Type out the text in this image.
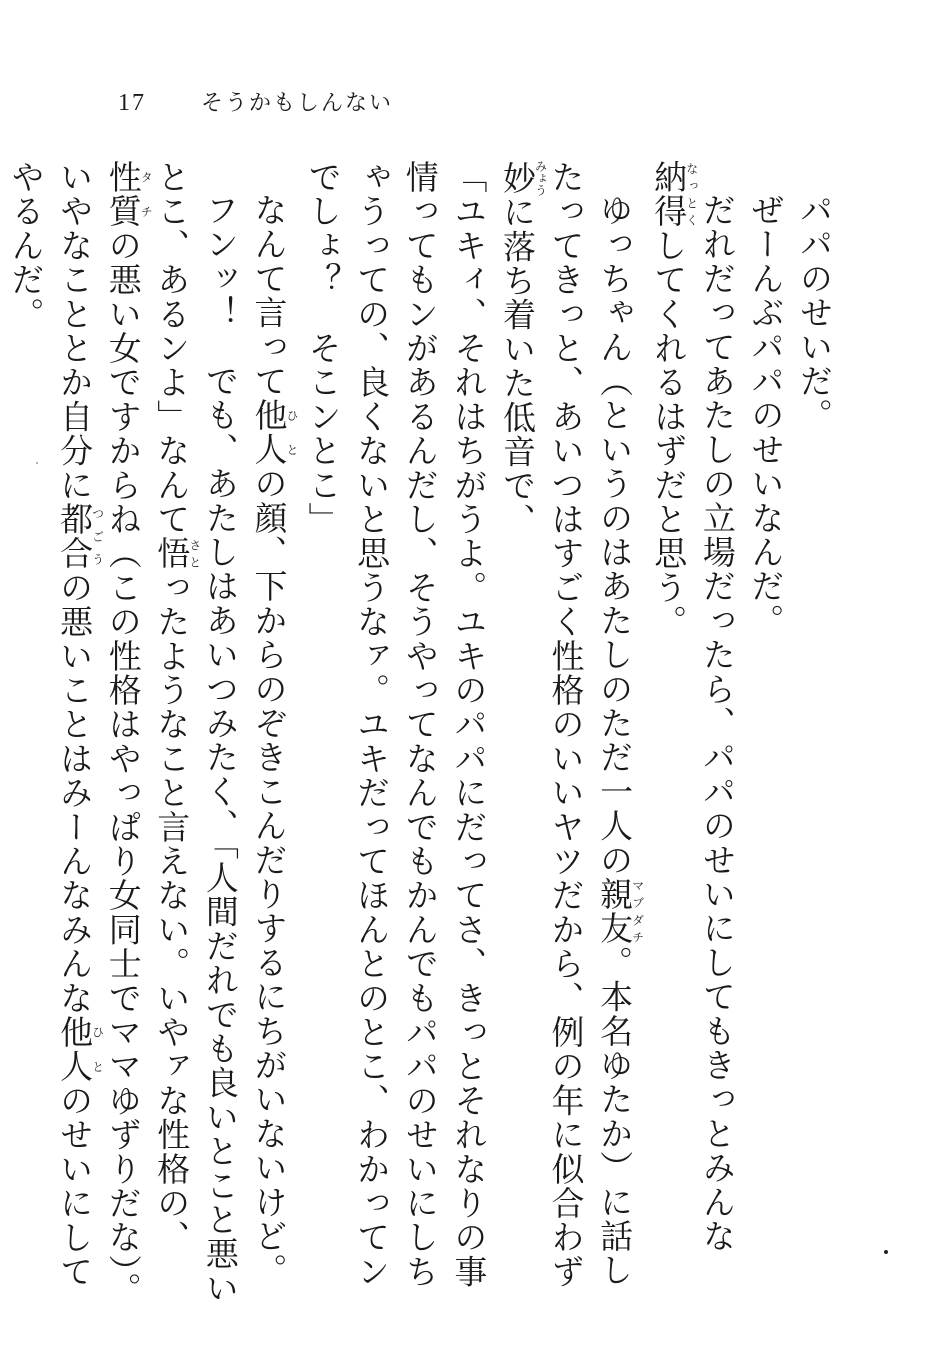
17	そうかもしんない

パパのせいだ。

ぜーんぶパパのせいなんだ。

だれだってあたしの立場だったら、パパのせいにしてもきっとみんな納得なっとくしてくれるはずだと思う。

ゆっちゃん（というのはあたしのただ一人の親友マブダチ。本名ゆたか）に話したってきっと、あいつはすごく性格のいいヤツだから、例の年に似合わず妙みょうに落ち着いた低音で、

「ユキィ、それはちがうよ。ユキのパパにだってさ、きっとそれなりの事情ってもンがあるんだし、そうやってなんでもかんでもパパのせいにしちゃうっての、良くないと思うなァ。ユキだってほんとのとこ、わかってンでしょ？　そこンとこ」

なんて言って他人ひとの顔、下からのぞきこんだりするにちがいないけど。

フンッ！　でも、あたしはあいつみたく、「人間だれでも良いとこと悪いとこ、あるンよ」なんて悟さとったようなこと言えない。いやァな性格の、性質タチの悪い女ですからね（この性格はやっぱり女同士でママゆずりだな）。いやなこととか自分に都合つごうの悪いことはみーんなみんな他人ひとのせいにしてやるんだ。
